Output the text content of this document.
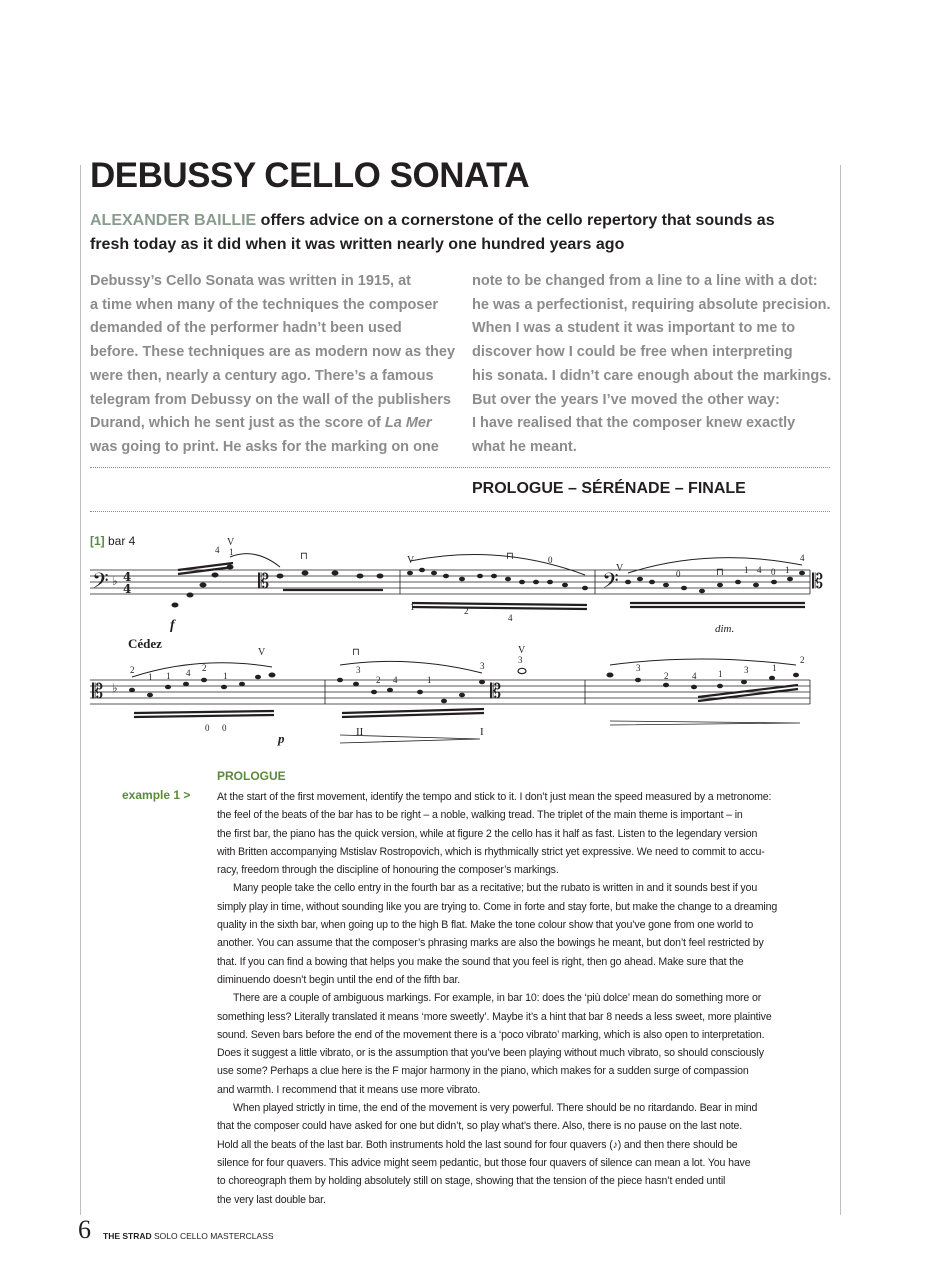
DEBUSSY CELLO SONATA

ALEXANDER BAILLIE offers advice on a cornerstone of the cello repertory that sounds as
fresh today as it did when it was written nearly one hundred years ago

Debussy’s Cello Sonata was written in 1915, at

a time when many of the techniques the composer

demanded of the performer hadn’t been used

before. These techniques are as modern now as they

were then, nearly a century ago. There’s a famous

telegram from Debussy on the wall of the publishers

Durand, which he sent just as the score of La Mer

was going to print. He asks for the marking on one

note to be changed from a line to a line with a dot:

he was a perfectionist, requiring absolute precision.

When I was a student it was important to me to

discover how I could be free when interpreting

his sonata. I didn’t care enough about the markings.

But over the years I’ve moved the other way:

I have realised that the composer knew exactly

what he meant.

PROLOGUE – SÉRÉNADE – FINALE
[1] bar 4
𝄢 ♭ 4
4	𝄡	𝄢	𝄡
𝄡 ♭	𝄡
f	dim.
Cédez
p	II	I
V
⊓	V	⊓
V	⊓
V	⊓	V
4 1
0
1	2
4
0	1 4 0 1
4
2
1 1 4 2
1
0 0
3
2 4	1
3
3
3
2	4 1 3	1
2
example 1 >
PROLOGUE
At the start of the first movement, identify the tempo and stick to it. I don’t just mean the speed measured by a metronome:
the feel of the beats of the bar has to be right – a noble, walking tread. The triplet of the main theme is important – in
the first bar, the piano has the quick version, while at figure 2 the cello has it half as fast. Listen to the legendary version
with Britten accompanying Mstislav Rostropovich, which is rhythmically strict yet expressive. We need to commit to accu-
racy, freedom through the discipline of honouring the composer’s markings.
Many people take the cello entry in the fourth bar as a recitative; but the rubato is written in and it sounds best if you
simply play in time, without sounding like you are trying to. Come in forte and stay forte, but make the change to a dreaming
quality in the sixth bar, when going up to the high B flat. Make the tone colour show that you’ve gone from one world to
another. You can assume that the composer’s phrasing marks are also the bowings he meant, but don’t feel restricted by
that. If you can find a bowing that helps you make the sound that you feel is right, then go ahead. Make sure that the
diminuendo doesn’t begin until the end of the fifth bar.
There are a couple of ambiguous markings. For example, in bar 10: does the ‘più dolce’ mean do something more or
something less? Literally translated it means ‘more sweetly’. Maybe it’s a hint that bar 8 needs a less sweet, more plaintive
sound. Seven bars before the end of the movement there is a ‘poco vibrato’ marking, which is also open to interpretation.
Does it suggest a little vibrato, or is the assumption that you’ve been playing without much vibrato, so should consciously
use some? Perhaps a clue here is the F major harmony in the piano, which makes for a sudden surge of compassion
and warmth. I recommend that it means use more vibrato.
When played strictly in time, the end of the movement is very powerful. There should be no ritardando. Bear in mind
that the composer could have asked for one but didn’t, so play what’s there. Also, there is no pause on the last note.
Hold all the beats of the last bar. Both instruments hold the last sound for four quavers (♪) and then there should be
silence for four quavers. This advice might seem pedantic, but those four quavers of silence can mean a lot. You have
to choreograph them by holding absolutely still on stage, showing that the tension of the piece hasn’t ended until
the very last double bar.
6 THE STRAD SOLO CELLO MASTERCLASS
